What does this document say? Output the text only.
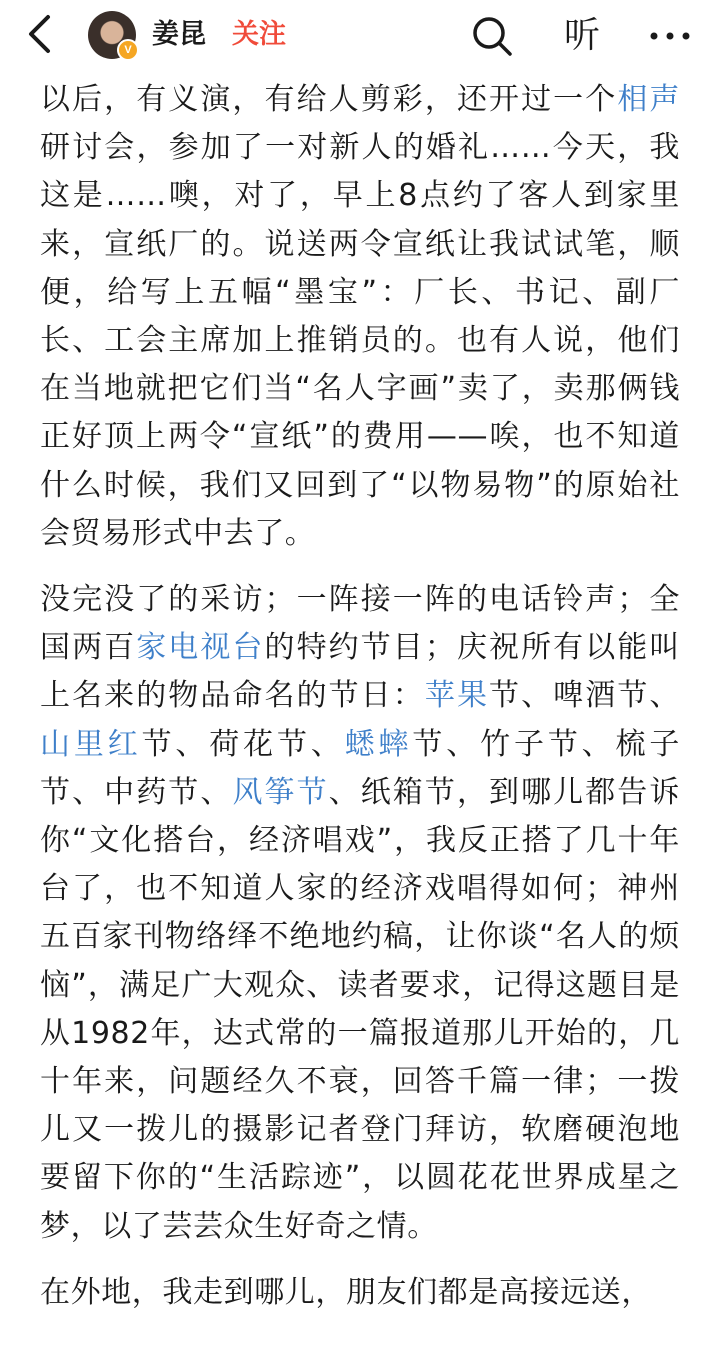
V 姜昆 关注	听

以后，有义演，有给人剪彩，还开过一个相声研讨会，参加了一对新人的婚礼……今天，我这是……噢，对了，早上8点约了客人到家里来，宣纸厂的。说送两令宣纸让我试试笔，顺便，给写上五幅“墨宝”：厂长、书记、副厂长、工会主席加上推销员的。也有人说，他们在当地就把它们当“名人字画”卖了，卖那俩钱正好顶上两令“宣纸”的费用——唉，也不知道什么时候，我们又回到了“以物易物”的原始社会贸易形式中去了。

没完没了的采访；一阵接一阵的电话铃声；全国两百家电视台的特约节目；庆祝所有以能叫上名来的物品命名的节日：苹果节、啤酒节、山里红节、荷花节、蟋蟀节、竹子节、梳子节、中药节、风筝节、纸箱节，到哪儿都告诉你“文化搭台，经济唱戏”，我反正搭了几十年台了，也不知道人家的经济戏唱得如何；神州五百家刊物络绎不绝地约稿，让你谈“名人的烦恼”，满足广大观众、读者要求，记得这题目是从1982年，达式常的一篇报道那儿开始的，几十年来，问题经久不衰，回答千篇一律；一拨儿又一拨儿的摄影记者登门拜访，软磨硬泡地要留下你的“生活踪迹”，以圆花花世界成星之梦，以了芸芸众生好奇之情。

在外地，我走到哪儿，朋友们都是高接远送，
